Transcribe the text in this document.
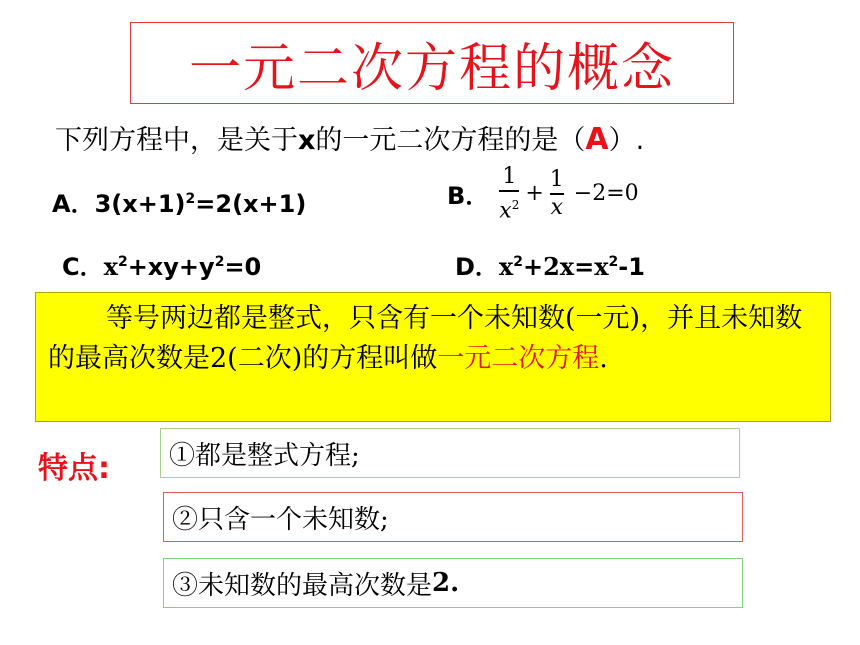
一元二次方程的概念
下列方程中，是关于x的一元二次方程的是（A）.
A．$3(x+1)^2=2(x+1)$	B． $\frac{1}{x^2} + \frac{1}{x} -2=0$
C．$x^2+xy+y^2=0$	D．$x^2+2x=x^2-1$
等号两边都是整式，只含有一个未知数(一元)，并且未知数的最高次数是2(二次)的方程叫做一元二次方程.
特点: ①都是整式方程;
②只含一个未知数;
③未知数的最高次数是 2.
